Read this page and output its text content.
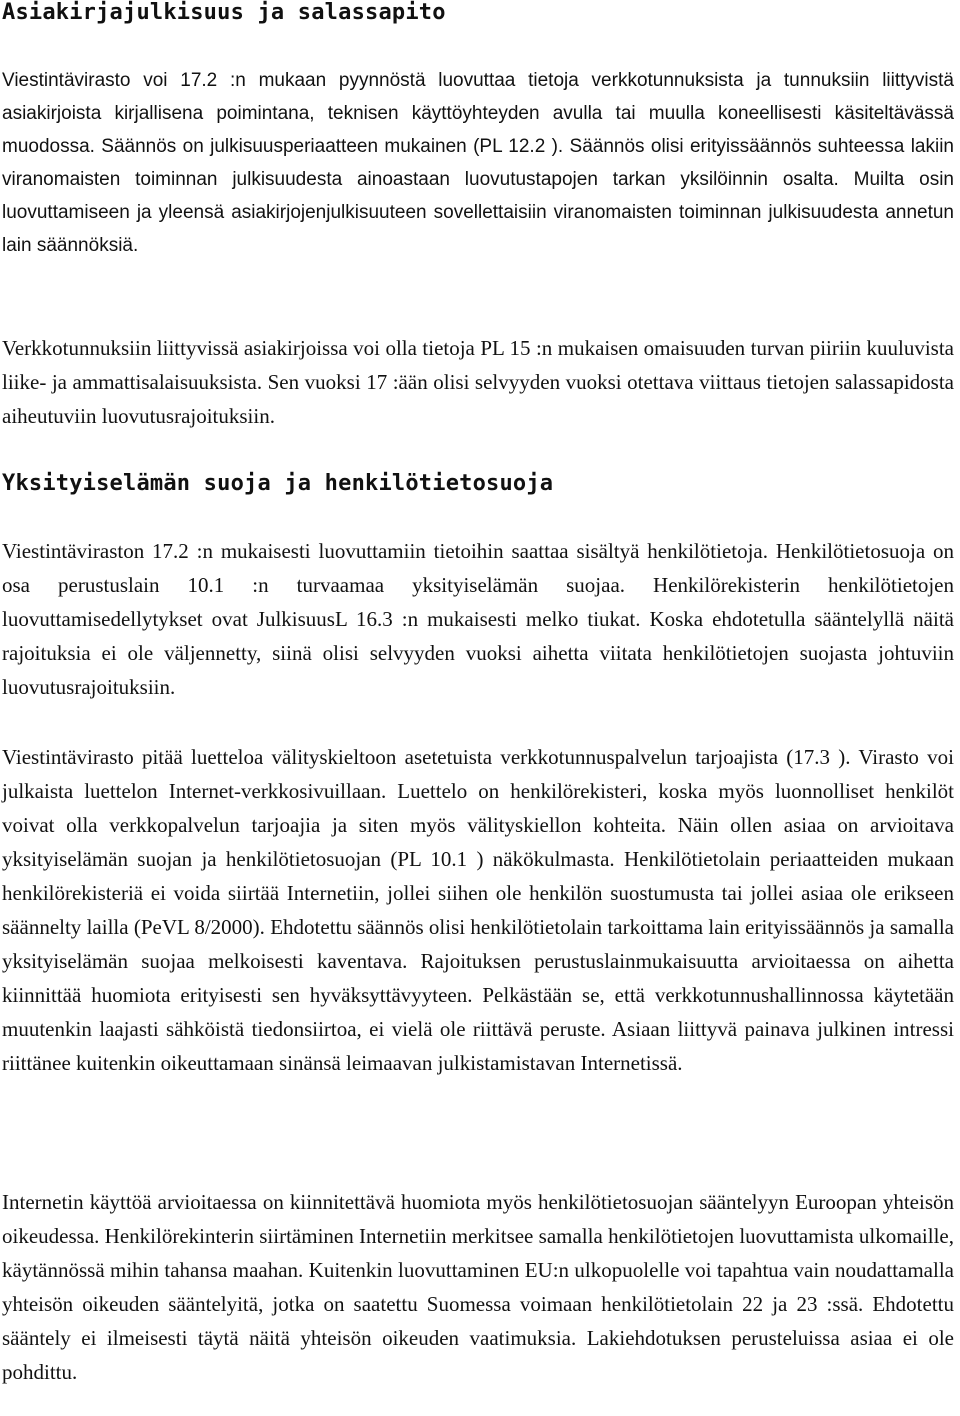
Asiakirjajulkisuus ja salassapito

Viestintävirasto voi 17.2 :n mukaan pyynnöstä luovuttaa tietoja verkkotunnuksista ja tunnuksiin liittyvistä asiakirjoista kirjallisena poimintana, teknisen käyttöyhteyden avulla tai muulla koneellisesti käsiteltävässä muodossa. Säännös on julkisuusperiaatteen mukainen (PL 12.2 ). Säännös olisi erityissäännös suhteessa lakiin viranomaisten toiminnan julkisuudesta ainoastaan luovutustapojen tarkan yksilöinnin osalta. Muilta osin luovuttamiseen ja yleensä asiakirjojenjulkisuuteen sovellettaisiin viranomaisten toiminnan julkisuudesta annetun lain säännöksiä.

Verkkotunnuksiin liittyvissä asiakirjoissa voi olla tietoja PL 15 :n mukaisen omaisuuden turvan piiriin kuuluvista liike- ja ammattisalaisuuksista. Sen vuoksi 17 :ään olisi selvyyden vuoksi otettava viittaus tietojen salassapidosta aiheutuviin luovutusrajoituksiin.

Yksityiselämän suoja ja henkilötietosuoja

Viestintäviraston 17.2 :n mukaisesti luovuttamiin tietoihin saattaa sisältyä henkilötietoja. Henkilötietosuoja on osa perustuslain 10.1 :n turvaamaa yksityiselämän suojaa. Henkilörekisterin henkilötietojen luovuttamisedellytykset ovat JulkisuusL 16.3 :n mukaisesti melko tiukat. Koska ehdotetulla sääntelyllä näitä rajoituksia ei ole väljennetty, siinä olisi selvyyden vuoksi aihetta viitata henkilötietojen suojasta johtuviin luovutusrajoituksiin.

Viestintävirasto pitää luetteloa välityskieltoon asetetuista verkkotunnuspalvelun tarjoajista (17.3 ). Virasto voi julkaista luettelon Internet-verkkosivuillaan. Luettelo on henkilörekisteri, koska myös luonnolliset henkilöt voivat olla verkkopalvelun tarjoajia ja siten myös välityskiellon kohteita. Näin ollen asiaa on arvioitava yksityiselämän suojan ja henkilötietosuojan (PL 10.1 ) näkökulmasta. Henkilötietolain periaatteiden mukaan henkilörekisteriä ei voida siirtää Internetiin, jollei siihen ole henkilön suostumusta tai jollei asiaa ole erikseen säännelty lailla (PeVL 8/2000). Ehdotettu säännös olisi henkilötietolain tarkoittama lain erityissäännös ja samalla yksityiselämän suojaa melkoisesti kaventava. Rajoituksen perustuslainmukaisuutta arvioitaessa on aihetta kiinnittää huomiota erityisesti sen hyväksyttävyyteen. Pelkästään se, että verkkotunnushallinnossa käytetään muutenkin laajasti sähköistä tiedonsiirtoa, ei vielä ole riittävä peruste. Asiaan liittyvä painava julkinen intressi riittänee kuitenkin oikeuttamaan sinänsä leimaavan julkistamistavan Internetissä.

Internetin käyttöä arvioitaessa on kiinnitettävä huomiota myös henkilötietosuojan sääntelyyn Euroopan yhteisön oikeudessa. Henkilörekinterin siirtäminen Internetiin merkitsee samalla henkilötietojen luovuttamista ulkomaille, käytännössä mihin tahansa maahan. Kuitenkin luovuttaminen EU:n ulkopuolelle voi tapahtua vain noudattamalla yhteisön oikeuden sääntelyitä, jotka on saatettu Suomessa voimaan henkilötietolain 22 ja 23 :ssä. Ehdotettu sääntely ei ilmeisesti täytä näitä yhteisön oikeuden vaatimuksia. Lakiehdotuksen perusteluissa asiaa ei ole pohdittu.
